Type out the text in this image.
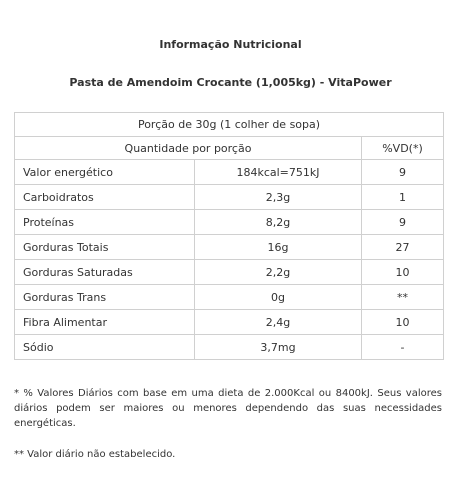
Informação Nutricional
Pasta de Amendoim Crocante (1,005kg) - VitaPower
Porção de 30g (1 colher de sopa)		
Quantidade por porção		%VD(*)
Valor energético	184kcal=751kJ	9
Carboidratos	2,3g	1
Proteínas	8,2g	9
Gorduras Totais	16g	27
Gorduras Saturadas	2,2g	10
Gorduras Trans	0g	**
Fibra Alimentar	2,4g	10
Sódio	3,7mg	-
* % Valores Diários com base em uma dieta de 2.000Kcal ou 8400kJ. Seus valores diários podem ser maiores ou menores dependendo das suas necessidades energéticas.
** Valor diário não estabelecido.
